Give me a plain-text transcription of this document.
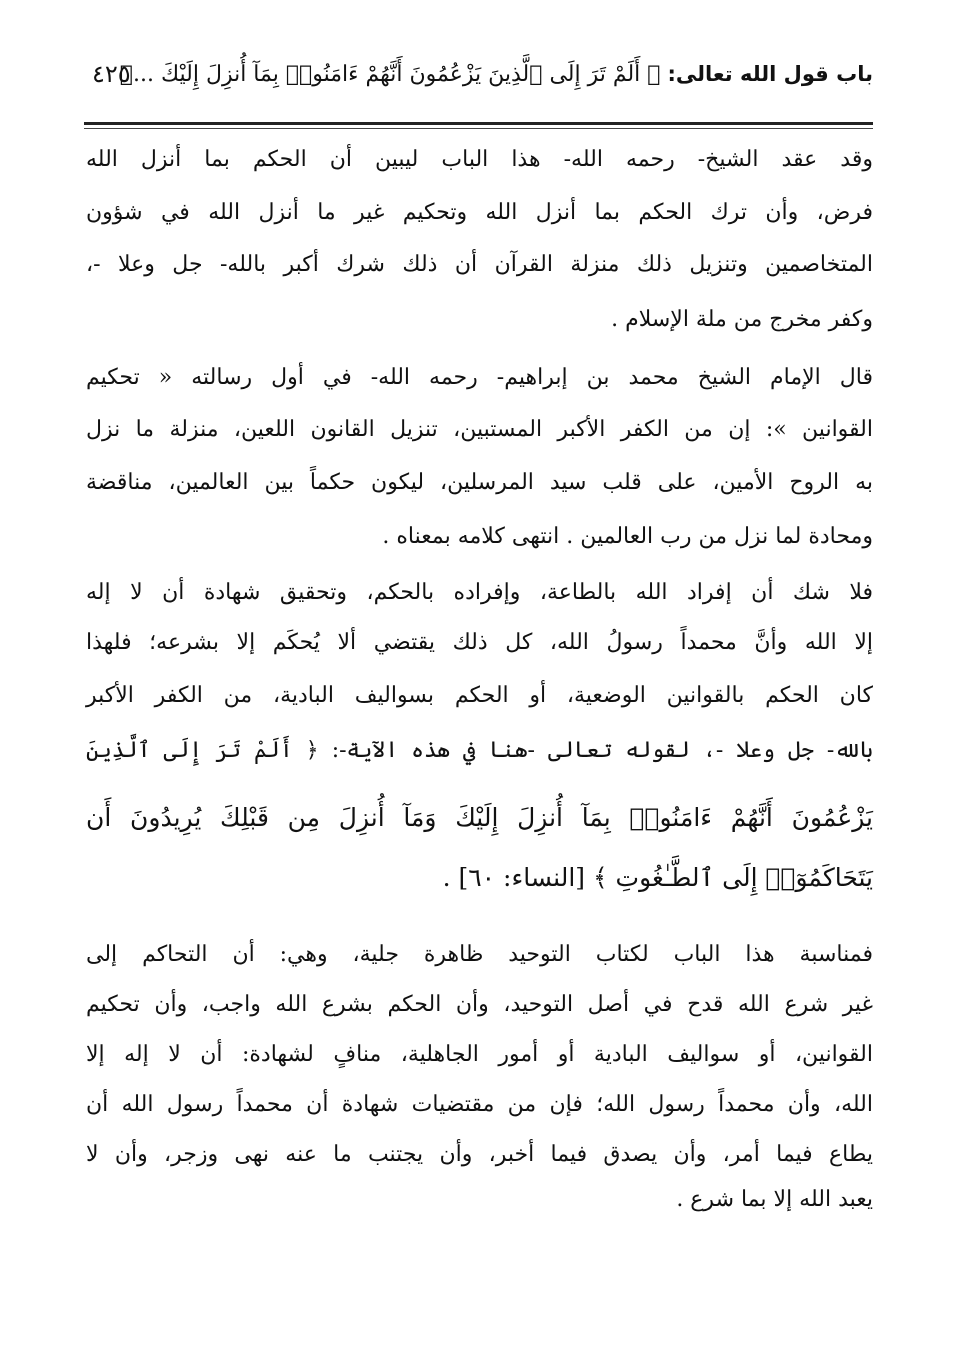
باب قول الله تعالى: ﴿ أَلَمْ تَرَ إِلَى ٱلَّذِينَ يَزْعُمُونَ أَنَّهُمْ ءَامَنُوا۟ بِمَآ أُنزِلَ إِلَيْكَ ...﴾
٤٢٥
وقد عقد الشيخ- رحمه الله- هذا الباب ليبين أن الحكم بما أنزل الله
فرض، وأن ترك الحكم بما أنزل الله وتحكيم غير ما أنزل الله في شؤون
المتخاصمين وتنزيل ذلك منزلة القرآن أن ذلك شرك أكبر بالله- جل وعلا -،
وكفر مخرج من ملة الإسلام .
قال الإمام الشيخ محمد بن إبراهيم- رحمه الله- في أول رسالته « تحكيم
القوانين »: إن من الكفر الأكبر المستبين، تنزيل القانون اللعين، منزلة ما نزل
به الروح الأمين، على قلب سيد المرسلين، ليكون حكماً بين العالمين، مناقضة
ومحادة لما نزل من رب العالمين . انتهى كلامه بمعناه .
فلا شك أن إفراد الله بالطاعة، وإفراده بالحكم، وتحقيق شهادة أن لا إله
إلا الله وأنَّ محمداً رسولُ الله، كل ذلك يقتضي ألا يُحكَم إلا بشرعه؛ فلهذا
كان الحكم بالقوانين الوضعية، أو الحكم بسواليف البادية، من الكفر الأكبر
بالله- جل وعلا -، لقوله تعالى -هنا في هذه الآية-: ﴿ أَلَمْ تَرَ إِلَى ٱلَّذِينَ
يَزْعُمُونَ أَنَّهُمْ ءَامَنُوا۟ بِمَآ أُنزِلَ إِلَيْكَ وَمَآ أُنزِلَ مِن قَبْلِكَ يُرِيدُونَ أَن
يَتَحَاكَمُوٓا۟ إِلَى ٱلطَّـٰغُوتِ ﴾ [النساء: ٦٠] .
فمناسبة هذا الباب لكتاب التوحيد ظاهرة جلية، وهي: أن التحاكم إلى
غير شرع الله قدح في أصل التوحيد، وأن الحكم بشرع الله واجب، وأن تحكيم
القوانين، أو سواليف البادية أو أمور الجاهلية، منافٍ لشهادة: أن لا إله إلا
الله، وأن محمداً رسول الله؛ فإن من مقتضيات شهادة أن محمداً رسول الله أن
يطاع فيما أمر، وأن يصدق فيما أخبر، وأن يجتنب ما عنه نهى وزجر، وأن لا
يعبد الله إلا بما شرع .
